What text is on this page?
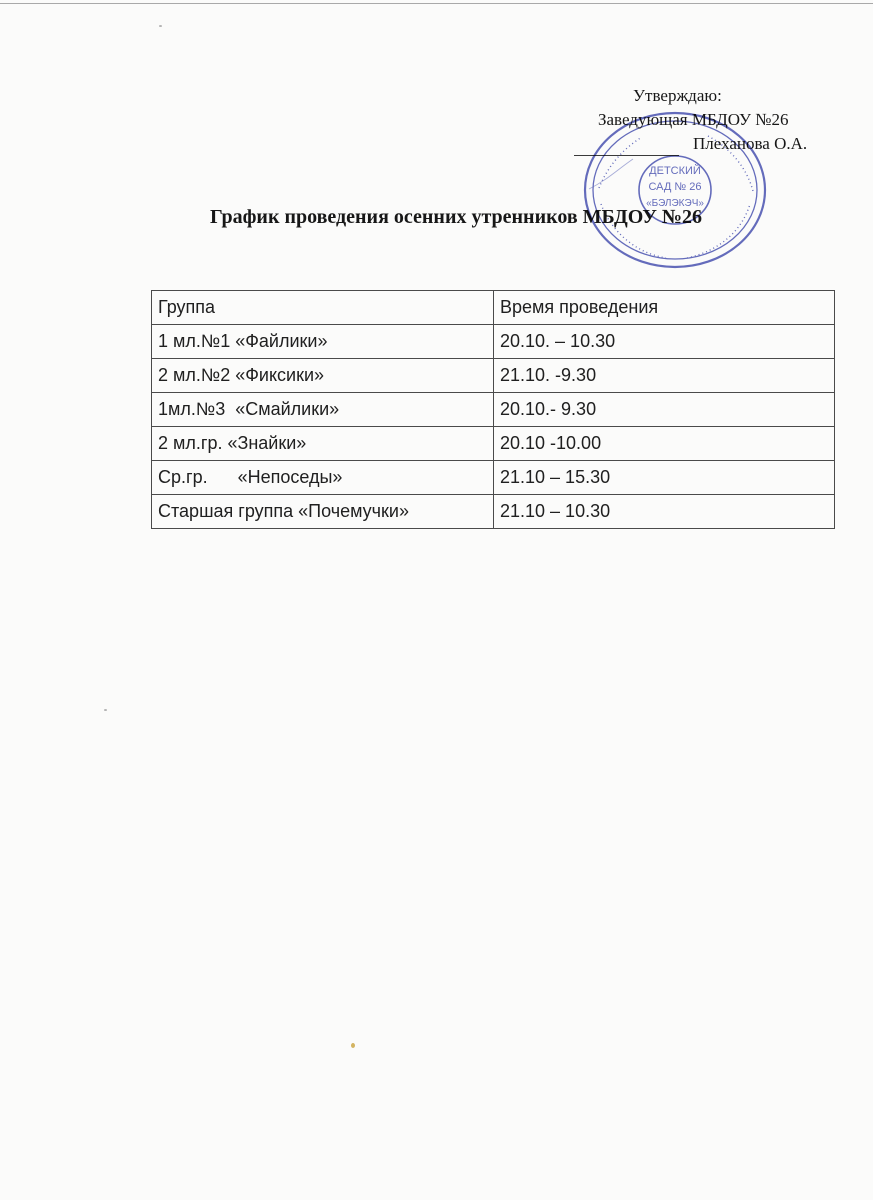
Утверждаю:
Заведующая МБДОУ №26
Плеханова О.А.
График проведения осенних утренников МБДОУ №26
Группа	Время проведения
1 мл.№1 «Файлики»	20.10. – 10.30
2 мл.№2 «Фиксики»	21.10. -9.30
1мл.№3  «Смайлики»	20.10.- 9.30
2 мл.гр. «Знайки»	20.10 -10.00
Ср.гр.      «Непоседы»	21.10 – 15.30
Старшая группа «Почемучки»	21.10 – 10.30
ДЕТСКИЙ
САД № 26
«БЭЛЭКЭЧ»
